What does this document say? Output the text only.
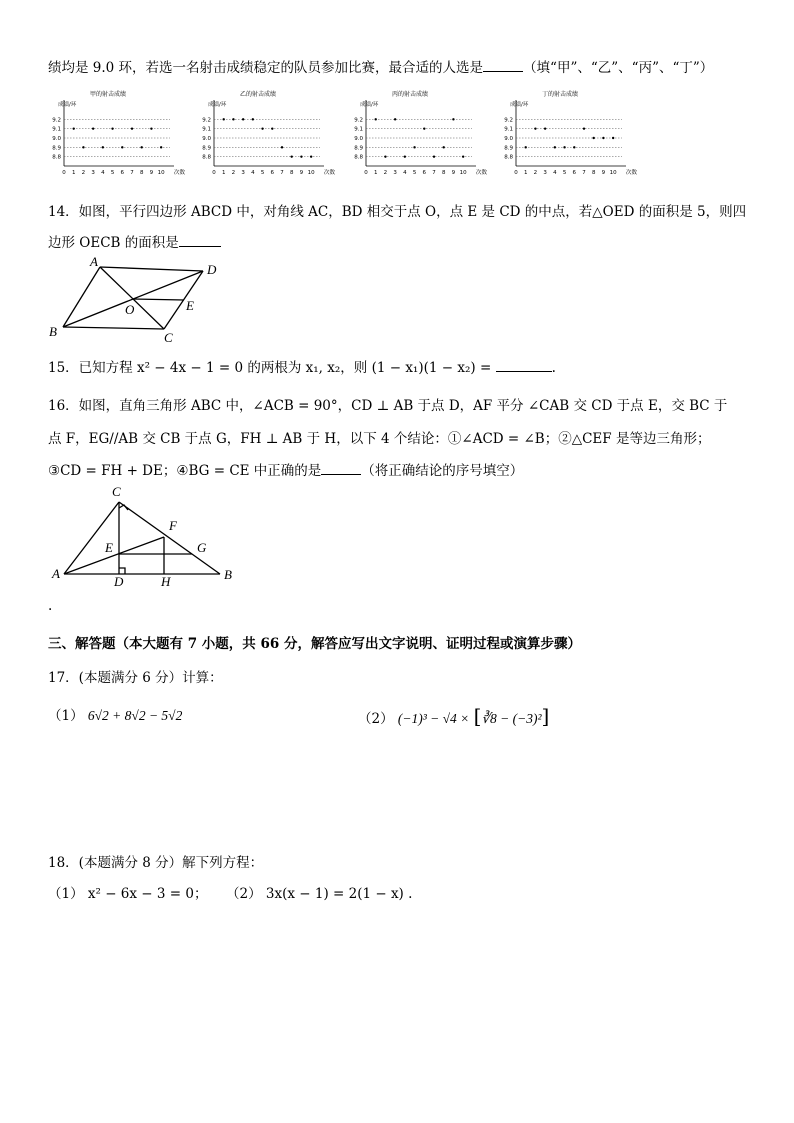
绩均是 9.0 环，若选一名射击成绩稳定的队员参加比赛，最合适的人选是	（填“甲”、“乙”、“丙”、“丁”）
甲的射击成绩
成绩/环
9.2
9.1
9.0
8.9
8.8
0 1 2 3 4 5 6 7 8 9 10 次数
乙的射击成绩
成绩/环
9.2
9.1
9.0
8.9
8.8
0 1 2 3 4 5 6 7 8 9 10 次数
丙的射击成绩
成绩/环
9.2
9.1
9.0
8.9
8.8
0 1 2 3 4 5 6 7 8 9 10 次数
丁的射击成绩
成绩/环
9.2
9.1
9.0
8.9
8.8
0 1 2 3 4 5 6 7 8 9 10 次数
14．如图，平行四边形 ABCD 中，对角线 AC，BD 相交于点 O，点 E 是 CD 的中点，若△OED 的面积是 5，则四
边形 OECB 的面积是
A
D
E
O
B	C
15．已知方程 x² − 4x − 1 = 0 的两根为 x₁, x₂，则 (1 − x₁)(1 − x₂) =	.
16．如图，直角三角形 ABC 中，∠ACB = 90°，CD ⊥ AB 于点 D，AF 平分 ∠CAB 交 CD 于点 E，交 BC 于
点 F，EG//AB 交 CB 于点 G，FH ⊥ AB 于 H，以下 4 个结论：①∠ACD = ∠B；②△CEF 是等边三角形；
③CD = FH + DE；④BG = CE 中正确的是	（将正确结论的序号填空）
C
F
E	G
A
D	H	B
.
三、解答题（本大题有 7 小题，共 66 分，解答应写出文字说明、证明过程或演算步骤）
17．(本题满分 6 分）计算：
（1） 6√2 + 8√2 − 5√2	（2） (−1)³ − √4 × [∛8 − (−3)²]
18．(本题满分 8 分）解下列方程：
（1） x² − 6x − 3 = 0； （2） 3x(x − 1) = 2(1 − x) .
